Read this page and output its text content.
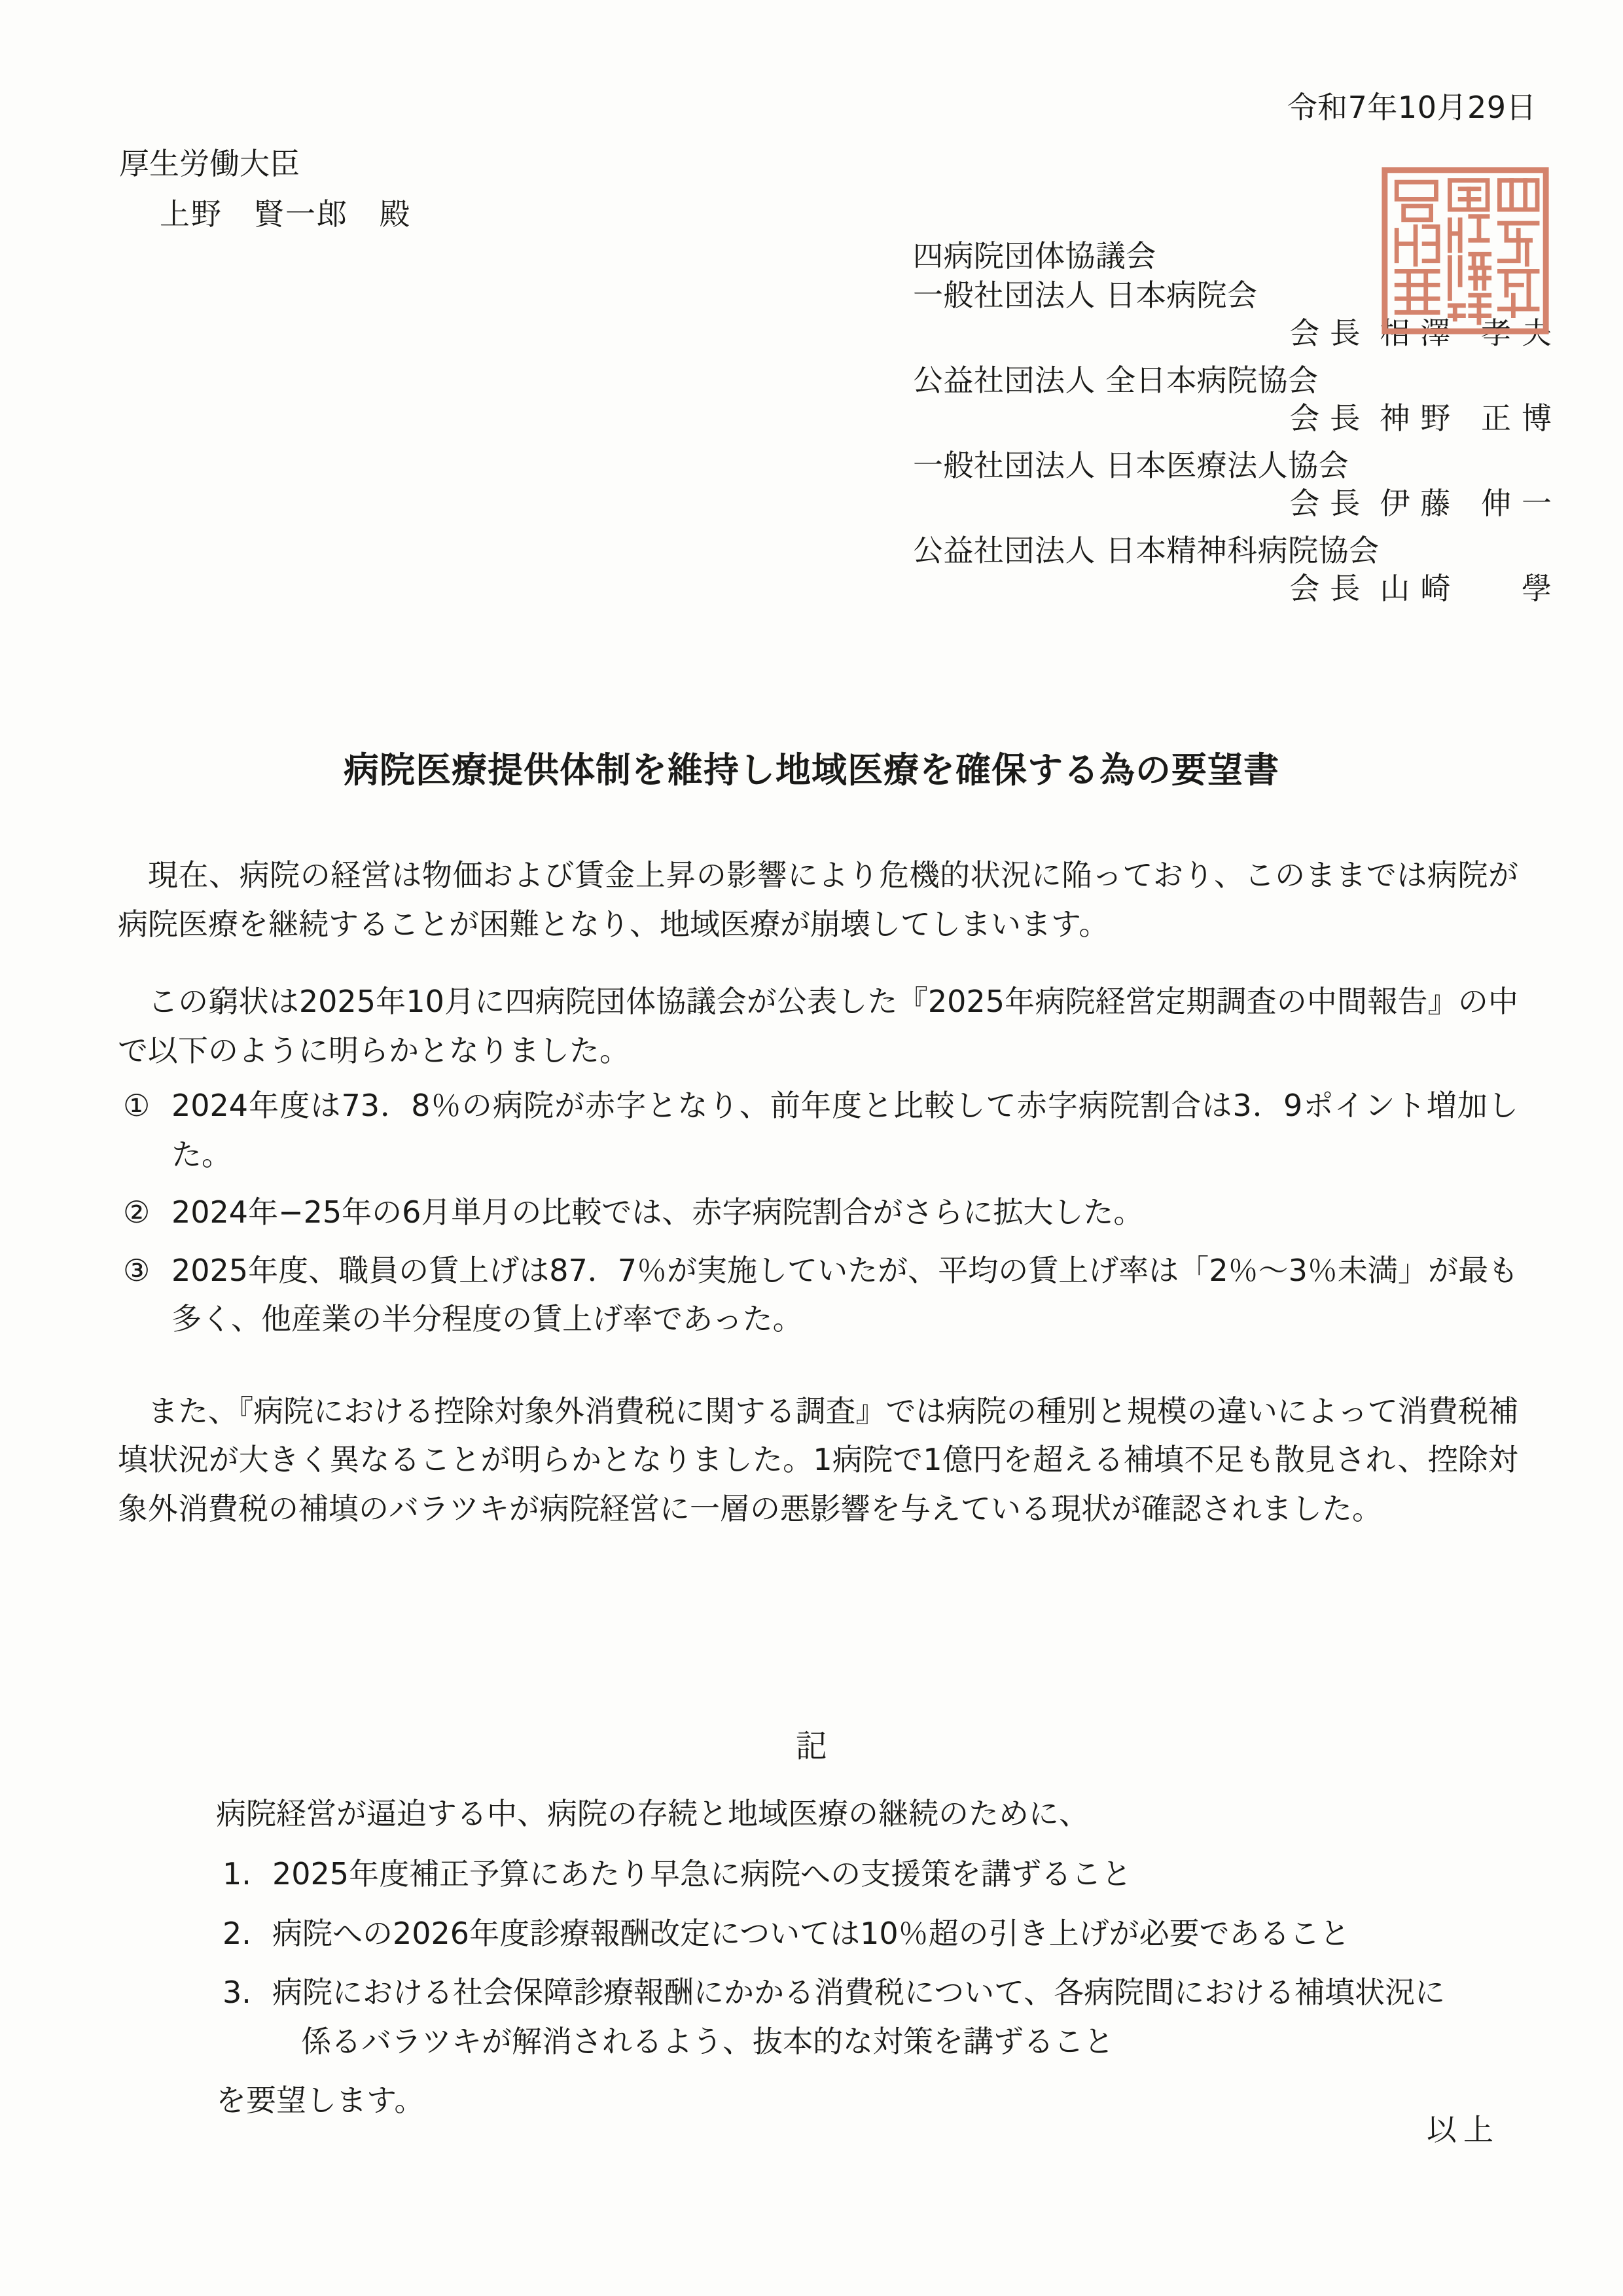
令和7年10月29日
厚生労働大臣
上野　賢一郎　殿
四病院団体協議会
一般社団法人 日本病院会
会長 相澤 孝夫
公益社団法人 全日本病院協会
会長 神野 正博
一般社団法人 日本医療法人協会
会長 伊藤 伸一
公益社団法人 日本精神科病院協会
会長 山崎 　學
病院医療提供体制を維持し地域医療を確保する為の要望書

現在、病院の経営は物価および賃金上昇の影響により危機的状況に陥っており、このままでは病院が病院医療を継続することが困難となり、地域医療が崩壊してしまいます。

この窮状は2025年10月に四病院団体協議会が公表した『2025年病院経営定期調査の中間報告』の中で以下のように明らかとなりました。

① 2024年度は73．8％の病院が赤字となり、前年度と比較して赤字病院割合は3．9ポイント増加した。
② 2024年−25年の6月単月の比較では、赤字病院割合がさらに拡大した。
③ 2025年度、職員の賃上げは87．7％が実施していたが、平均の賃上げ率は「2％〜3％未満」が最も多く、他産業の半分程度の賃上げ率であった。

また、『病院における控除対象外消費税に関する調査』では病院の種別と規模の違いによって消費税補填状況が大きく異なることが明らかとなりました。1病院で1億円を超える補填不足も散見され、控除対象外消費税の補填のバラツキが病院経営に一層の悪影響を与えている現状が確認されました。

記

病院経営が逼迫する中、病院の存続と地域医療の継続のために、

1. 2025年度補正予算にあたり早急に病院への支援策を講ずること
2. 病院への2026年度診療報酬改定については10％超の引き上げが必要であること
3. 病院における社会保障診療報酬にかかる消費税について、各病院間における補填状況に
係るバラツキが解消されるよう、抜本的な対策を講ずること

を要望します。

以上
